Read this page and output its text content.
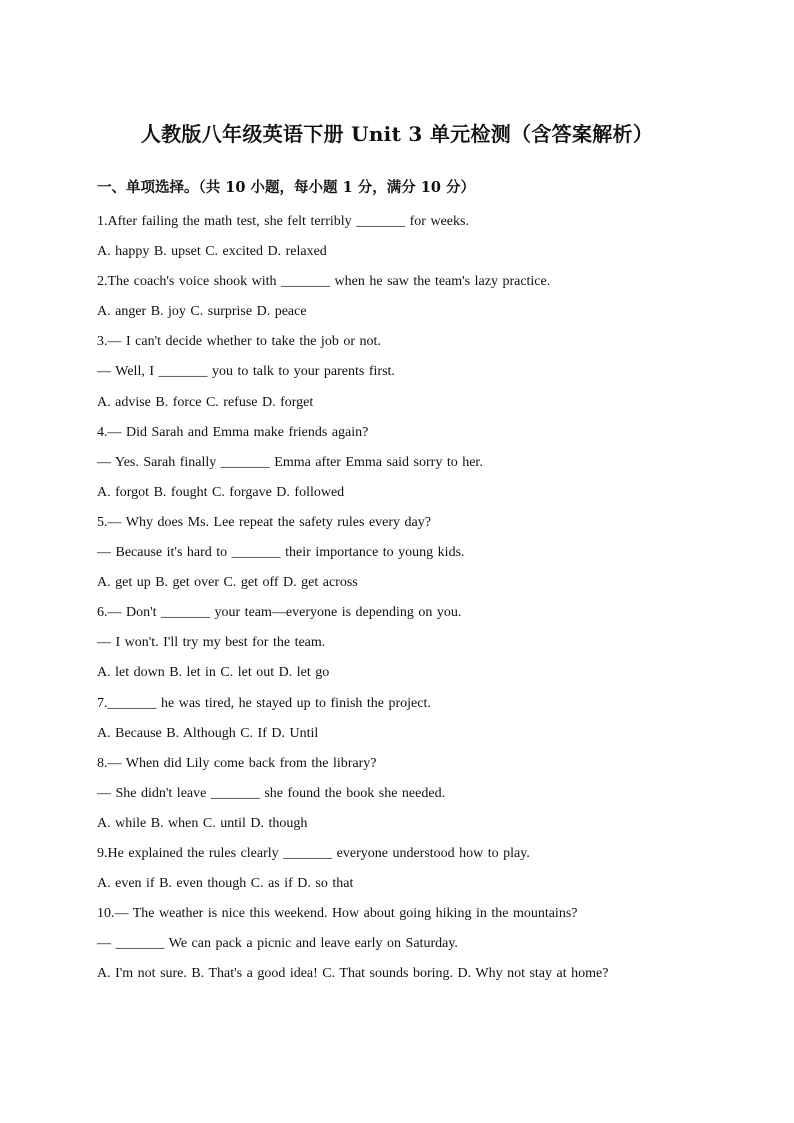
人教版八年级英语下册 Unit 3 单元检测（含答案解析）
一、单项选择。（共 10 小题，每小题 1 分，满分 10 分）
1.After failing the math test, she felt terribly _______ for weeks.
A. happy B. upset C. excited D. relaxed
2.The coach's voice shook with _______ when he saw the team's lazy practice.
A. anger B. joy C. surprise D. peace
3.— I can't decide whether to take the job or not.
— Well, I _______ you to talk to your parents first.
A. advise B. force C. refuse D. forget
4.— Did Sarah and Emma make friends again?
— Yes. Sarah finally _______ Emma after Emma said sorry to her.
A. forgot B. fought C. forgave D. followed
5.— Why does Ms. Lee repeat the safety rules every day?
— Because it's hard to _______ their importance to young kids.
A. get up B. get over C. get off D. get across
6.— Don't _______ your team—everyone is depending on you.
— I won't. I'll try my best for the team.
A. let down B. let in C. let out D. let go
7._______ he was tired, he stayed up to finish the project.
A. Because B. Although C. If D. Until
8.— When did Lily come back from the library?
— She didn't leave _______ she found the book she needed.
A. while B. when C. until D. though
9.He explained the rules clearly _______ everyone understood how to play.
A. even if B. even though C. as if D. so that
10.— The weather is nice this weekend. How about going hiking in the mountains?
— _______ We can pack a picnic and leave early on Saturday.
A. I'm not sure. B. That's a good idea! C. That sounds boring. D. Why not stay at home?
